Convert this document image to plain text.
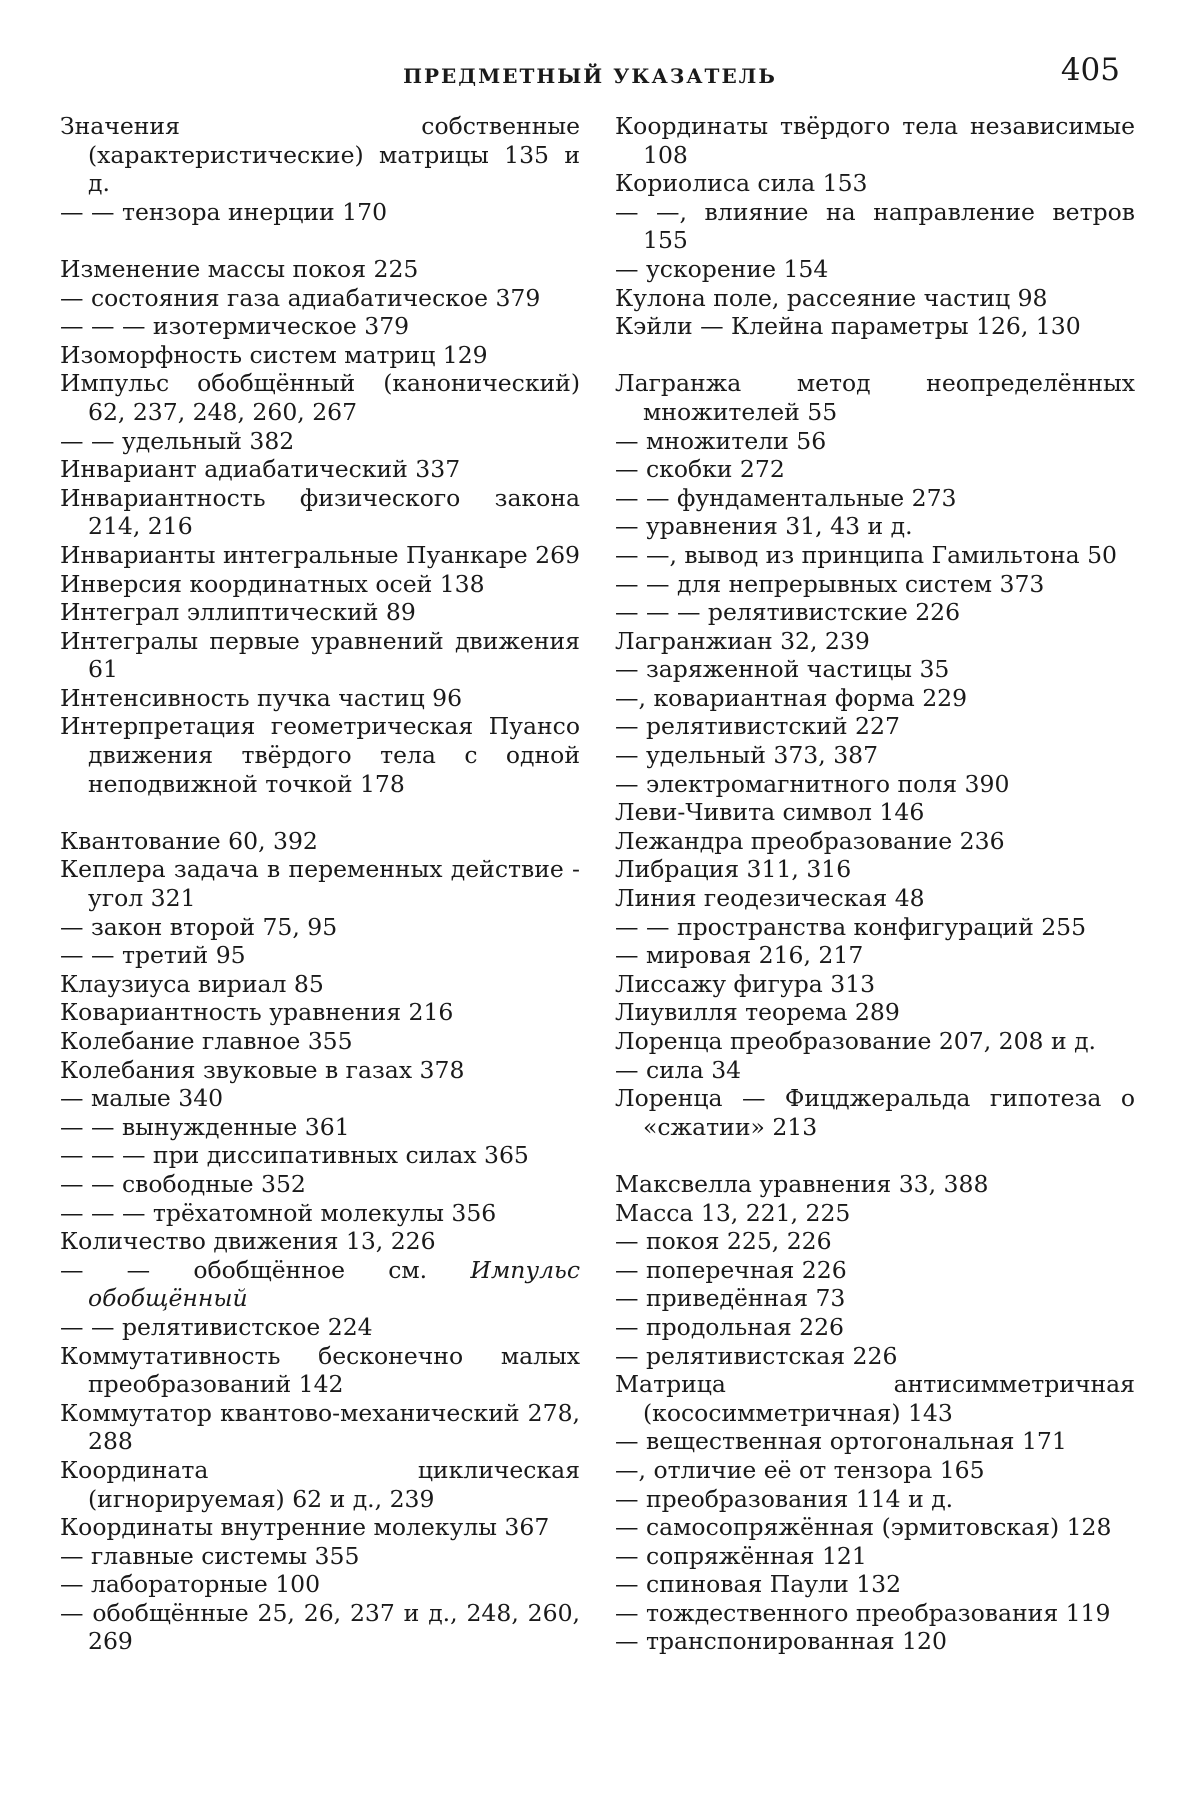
ПРЕДМЕТНЫЙ УКАЗАТЕЛЬ	405
Значения собственные (характеристические) матрицы 135 и д.
— — тензора инерции 170
Изменение массы покоя 225
— состояния газа адиабатическое 379
— — — изотермическое 379
Изоморфность систем матриц 129
Импульс обобщённый (канонический) 62, 237, 248, 260, 267
— — удельный 382
Инвариант адиабатический 337
Инвариантность физического закона 214, 216
Инварианты интегральные Пуанкаре 269
Инверсия координатных осей 138
Интеграл эллиптический 89
Интегралы первые уравнений движения 61
Интенсивность пучка частиц 96
Интерпретация геометрическая Пуансо движения твёрдого тела с одной неподвижной точкой 178
Квантование 60, 392
Кеплера задача в переменных действие - угол 321
— закон второй 75, 95
— — третий 95
Клаузиуса вириал 85
Ковариантность уравнения 216
Колебание главное 355
Колебания звуковые в газах 378
— малые 340
— — вынужденные 361
— — — при диссипативных силах 365
— — свободные 352
— — — трёхатомной молекулы 356
Количество движения 13, 226
— — обобщённое см. Импульс обобщённый
— — релятивистское 224
Коммутативность бесконечно малых преобразований 142
Коммутатор квантово-механический 278, 288
Координата циклическая (игнорируемая) 62 и д., 239
Координаты внутренние молекулы 367
— главные системы 355
— лабораторные 100
— обобщённые 25, 26, 237 и д., 248, 260, 269
Координаты твёрдого тела независимые 108
Кориолиса сила 153
— —, влияние на направление ветров 155
— ускорение 154
Кулона поле, рассеяние частиц 98
Кэйли — Клейна параметры 126, 130
Лагранжа метод неопределённых множителей 55
— множители 56
— скобки 272
— — фундаментальные 273
— уравнения 31, 43 и д.
— —, вывод из принципа Гамильтона 50
— — для непрерывных систем 373
— — — релятивистские 226
Лагранжиан 32, 239
— заряженной частицы 35
—, ковариантная форма 229
— релятивистский 227
— удельный 373, 387
— электромагнитного поля 390
Леви-Чивита символ 146
Лежандра преобразование 236
Либрация 311, 316
Линия геодезическая 48
— — пространства конфигураций 255
— мировая 216, 217
Лиссажу фигура 313
Лиувилля теорема 289
Лоренца преобразование 207, 208 и д.
— сила 34
Лоренца — Фицджеральда гипотеза о «сжатии» 213
Максвелла уравнения 33, 388
Масса 13, 221, 225
— покоя 225, 226
— поперечная 226
— приведённая 73
— продольная 226
— релятивистская 226
Матрица антисимметричная (кососимметричная) 143
— вещественная ортогональная 171
—, отличие её от тензора 165
— преобразования 114 и д.
— самосопряжённая (эрмитовская) 128
— сопряжённая 121
— спиновая Паули 132
— тождественного преобразования 119
— транспонированная 120
